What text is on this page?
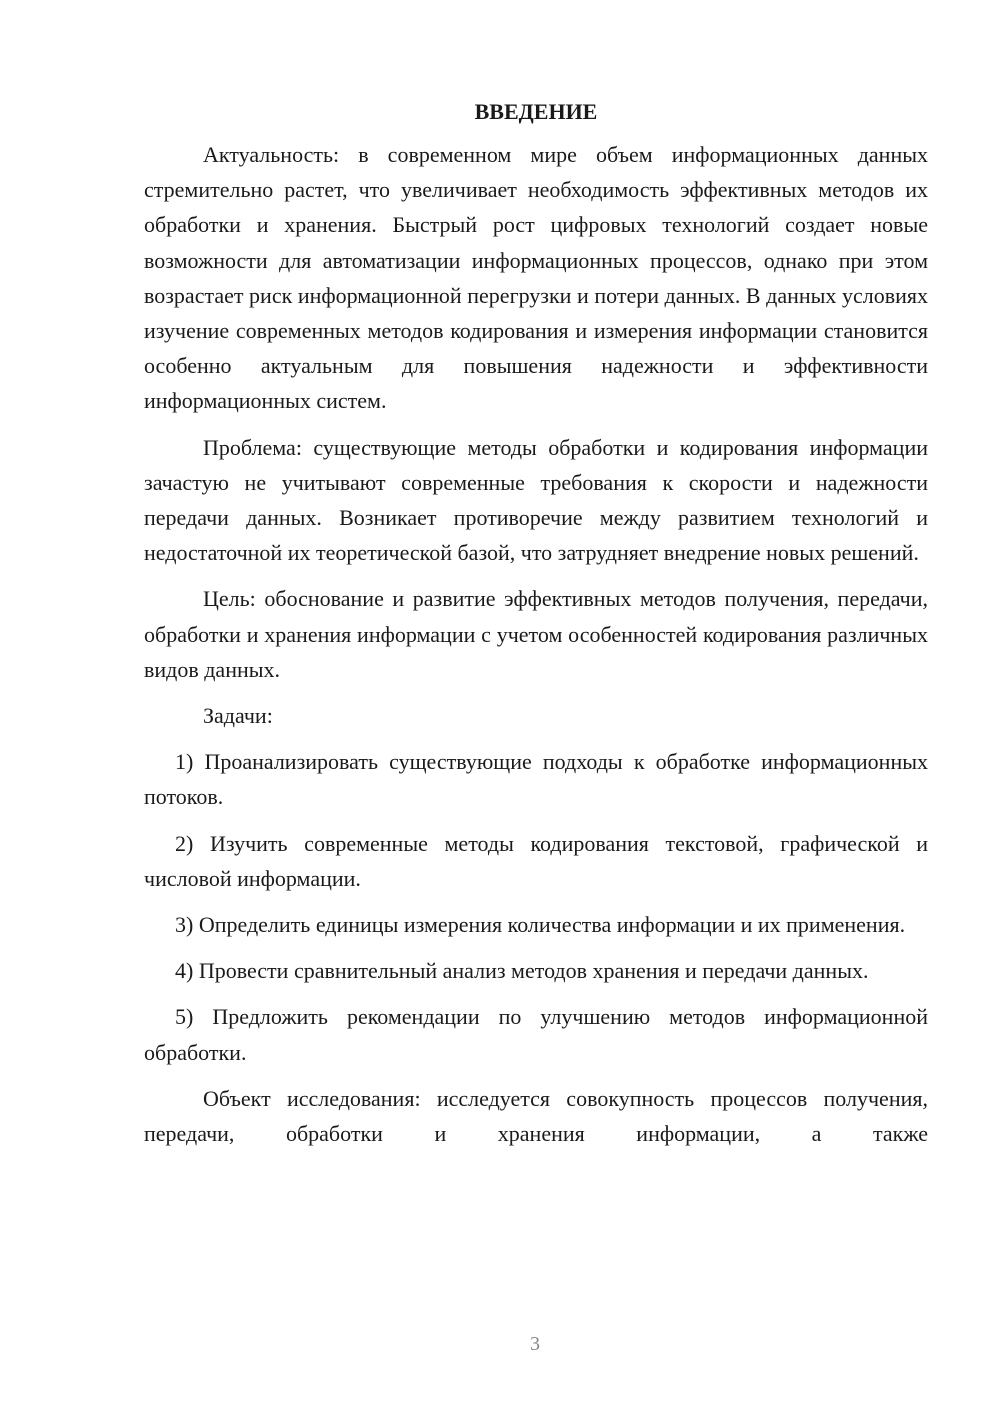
ВВЕДЕНИЕ

Актуальность: в современном мире объем информационных данных стремительно растет, что увеличивает необходимость эффективных методов их обработки и хранения. Быстрый рост цифровых технологий создает новые возможности для автоматизации информационных процессов, однако при этом возрастает риск информационной перегрузки и потери данных. В данных условиях изучение современных методов кодирования и измерения информации становится особенно актуальным для повышения надежности и эффективности информационных систем.

Проблема: существующие методы обработки и кодирования информации зачастую не учитывают современные требования к скорости и надежности передачи данных. Возникает противоречие между развитием технологий и недостаточной их теоретической базой, что затрудняет внедрение новых решений.

Цель: обоснование и развитие эффективных методов получения, передачи, обработки и хранения информации с учетом особенностей кодирования различных видов данных.

Задачи:

1) Проанализировать существующие подходы к обработке информационных потоков.

2) Изучить современные методы кодирования текстовой, графической и числовой информации.

3) Определить единицы измерения количества информации и их применения.

4) Провести сравнительный анализ методов хранения и передачи данных.

5) Предложить рекомендации по улучшению методов информационной обработки.

Объект исследования: исследуется совокупность процессов получения, передачи, обработки и хранения информации, а также

3
